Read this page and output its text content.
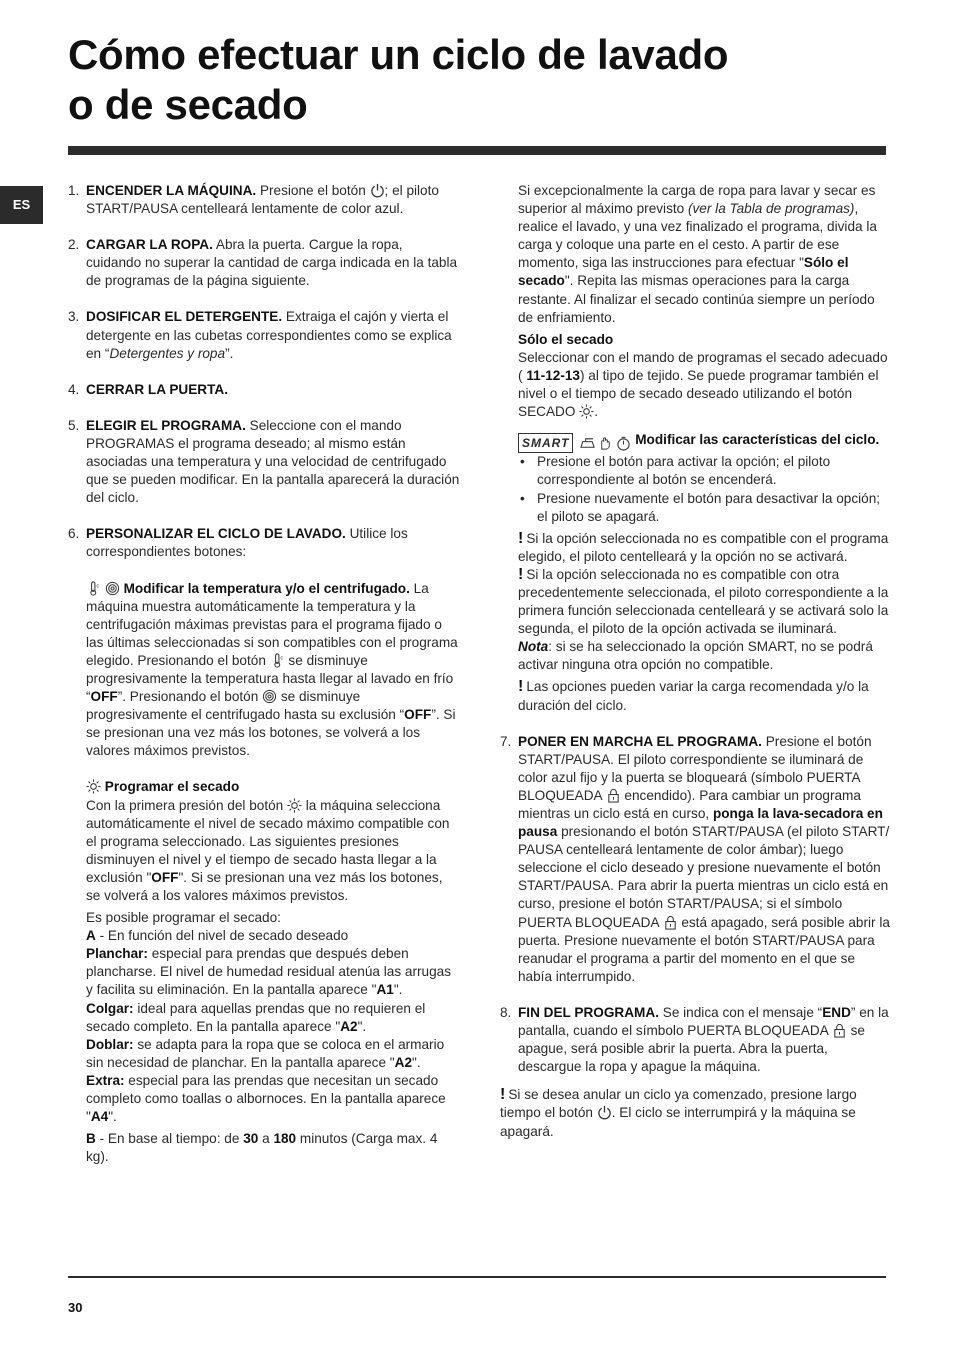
Cómo efectuar un ciclo de lavado
o de secado
ES
1. ENCENDER LA MÁQUINA. Presione el botón
; el piloto START/PAUSA centelleará lentamente de color azul.

2. CARGAR LA ROPA. Abra la puerta. Cargue la ropa, cuidando no superar la cantidad de carga indicada en la tabla de programas de la página siguiente.

3. DOSIFICAR EL DETERGENTE. Extraiga el cajón y vierta el detergente en las cubetas correspondientes como se explica en “Detergentes y ropa”.

4. CERRAR LA PUERTA.

5. ELEGIR EL PROGRAMA. Seleccione con el mando PROGRAMAS el programa deseado; al mismo están asociadas una temperatura y una velocidad de centrifugado que se pueden modificar. En la pantalla aparecerá la duración del ciclo.

6. PERSONALIZAR EL CICLO DE LAVADO. Utilice los correspondientes botones:

c
Modificar la temperatura y/o el centrifugado. La máquina muestra automáticamente la temperatura y la centrifugación máximas previstas para el programa fijado o las últimas seleccionadas si son compatibles con el programa elegido. Presionando el botón c se disminuye progresivamente la temperatura hasta llegar al lavado en frío “OFF”. Presionando el botón
se disminuye progresivamente el centrifugado hasta su exclusión “OFF”. Si se presionan una vez más los botones, se volverá a los valores máximos previstos.

Programar el secado

Con la primera presión del botón
la máquina selecciona automáticamente el nivel de secado máximo compatible con el programa seleccionado. Las siguientes presiones disminuyen el nivel y el tiempo de secado hasta llegar a la exclusión "OFF". Si se presionan una vez más los botones, se volverá a los valores máximos previstos.

Es posible programar el secado:

A - En función del nivel de secado deseado

Planchar: especial para prendas que después deben plancharse. El nivel de humedad residual atenúa las arrugas y facilita su eliminación. En la pantalla aparece "A1".

Colgar: ideal para aquellas prendas que no requieren el secado completo. En la pantalla aparece "A2".

Doblar: se adapta para la ropa que se coloca en el armario sin necesidad de planchar. En la pantalla aparece "A2".

Extra: especial para las prendas que necesitan un secado completo como toallas o albornoces. En la pantalla aparece "A4".

B - En base al tiempo: de 30 a 180 minutos (Carga max. 4 kg).

Si excepcionalmente la carga de ropa para lavar y secar es superior al máximo previsto (ver la Tabla de programas), realice el lavado, y una vez finalizado el programa, divida la carga y coloque una parte en el cesto. A partir de ese momento, siga las instrucciones para efectuar "Sólo el secado". Repita las mismas operaciones para la carga restante. Al finalizar el secado continúa siempre un período de enfriamiento.

Sólo el secado

Seleccionar con el mando de programas el secado adecuado ( 11-12-13) al tipo de tejido. Se puede programar también el nivel o el tiempo de secado deseado utilizando el botón SECADO
.

SMART	Modificar las características del ciclo.

• Presione el botón para activar la opción; el piloto correspondiente al botón se encenderá.
• Presione nuevamente el botón para desactivar la opción; el piloto se apagará.

! Si la opción seleccionada no es compatible con el programa elegido, el piloto centelleará y la opción no se activará.

! Si la opción seleccionada no es compatible con otra precedentemente seleccionada, el piloto correspondiente a la primera función seleccionada centelleará y se activará solo la segunda, el piloto de la opción activada se iluminará.

Nota: si se ha seleccionado la opción SMART, no se podrá activar ninguna otra opción no compatible.

! Las opciones pueden variar la carga recomendada y/o la duración del ciclo.

7. PONER EN MARCHA EL PROGRAMA. Presione el botón START/PAUSA. El piloto correspondiente se iluminará de color azul fijo y la puerta se bloqueará (símbolo PUERTA BLOQUEADA
encendido). Para cambiar un programa mientras un ciclo está en curso, ponga la lava-secadora en pausa presionando el botón START/PAUSA (el piloto START/ PAUSA centelleará lentamente de color ámbar); luego seleccione el ciclo deseado y presione nuevamente el botón START/PAUSA. Para abrir la puerta mientras un ciclo está en curso, presione el botón START/PAUSA; si el símbolo PUERTA BLOQUEADA
está apagado, será posible abrir la puerta. Presione nuevamente el botón START/PAUSA para reanudar el programa a partir del momento en el que se había interrumpido.

8. FIN DEL PROGRAMA. Se indica con el mensaje “END” en la pantalla, cuando el símbolo PUERTA BLOQUEADA
se apague, será posible abrir la puerta. Abra la puerta, descargue la ropa y apague la máquina.

! Si se desea anular un ciclo ya comenzado, presione largo tiempo el botón
. El ciclo se interrumpirá y la máquina se apagará.

30
